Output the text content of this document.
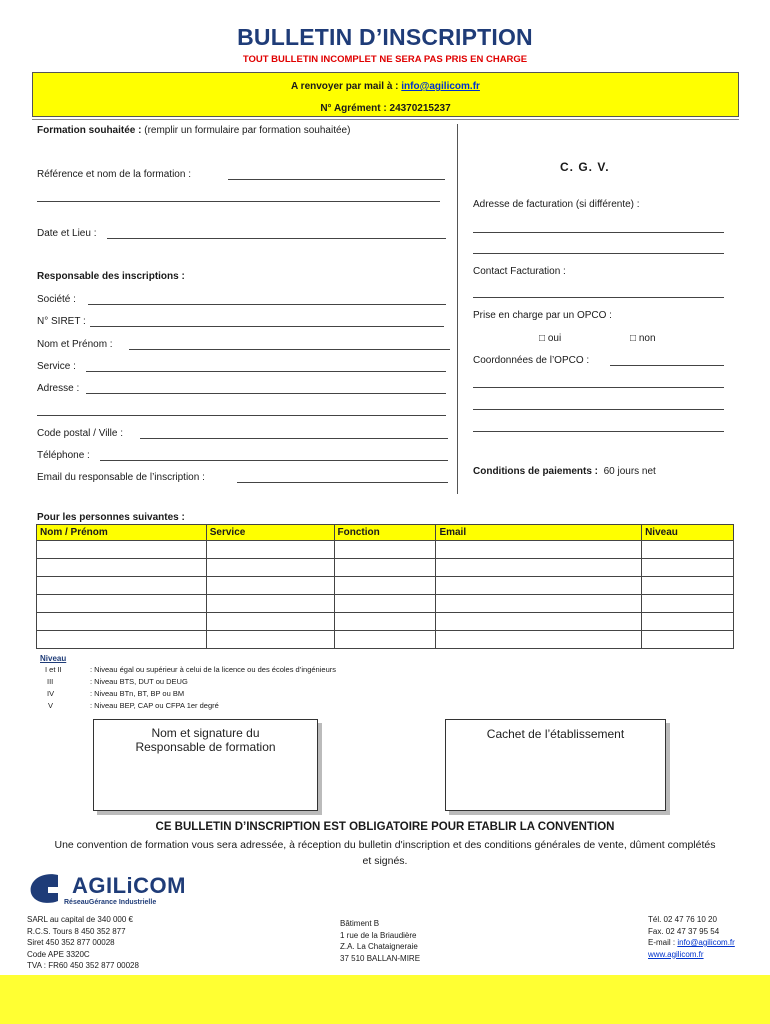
BULLETIN D’INSCRIPTION
TOUT BULLETIN INCOMPLET NE SERA PAS PRIS EN CHARGE
A renvoyer par mail à : info@agilicom.fr
N° Agrément : 24370215237
Formation souhaitée : (remplir un formulaire par formation souhaitée)
Référence et nom de la formation :
Date et Lieu :
Responsable des inscriptions :
Société :
N° SIRET :
Nom et Prénom :
Service :
Adresse :
Code postal / Ville :
Téléphone :
Email du responsable de l’inscription :
C. G. V.
Adresse de facturation (si différente) :
Contact Facturation :
Prise en charge par un OPCO :
□ oui	□ non
Coordonnées de l’OPCO :
Conditions de paiements : 60 jours net
Pour les personnes suivantes :
Nom / Prénom	Service	Fonction	Email	Niveau

Niveau
I et II	: Niveau égal ou supérieur à celui de la licence ou des écoles d’ingénieurs
III	: Niveau BTS, DUT ou DEUG
IV	: Niveau BTn, BT, BP ou BM
V	: Niveau BEP, CAP ou CFPA 1er degré
Nom et signature du
Responsable de formation
Cachet de l’établissement
CE BULLETIN D’INSCRIPTION EST OBLIGATOIRE POUR ETABLIR LA CONVENTION
Une convention de formation vous sera adressée, à réception du bulletin d'inscription et des conditions générales de vente, dûment complétés et signés.
AGILiCOM
RéseauGérance Industrielle
SARL au capital de 340 000 €
R.C.S. Tours 8 450 352 877
Siret 450 352 877 00028
Code APE 3320C
TVA : FR60 450 352 877 00028
Bâtiment B
1 rue de la Briaudière
Z.A. La Chataigneraie
37 510 BALLAN-MIRE
Tél. 02 47 76 10 20
Fax. 02 47 37 95 54
E-mail : info@agilicom.fr
www.agilicom.fr
